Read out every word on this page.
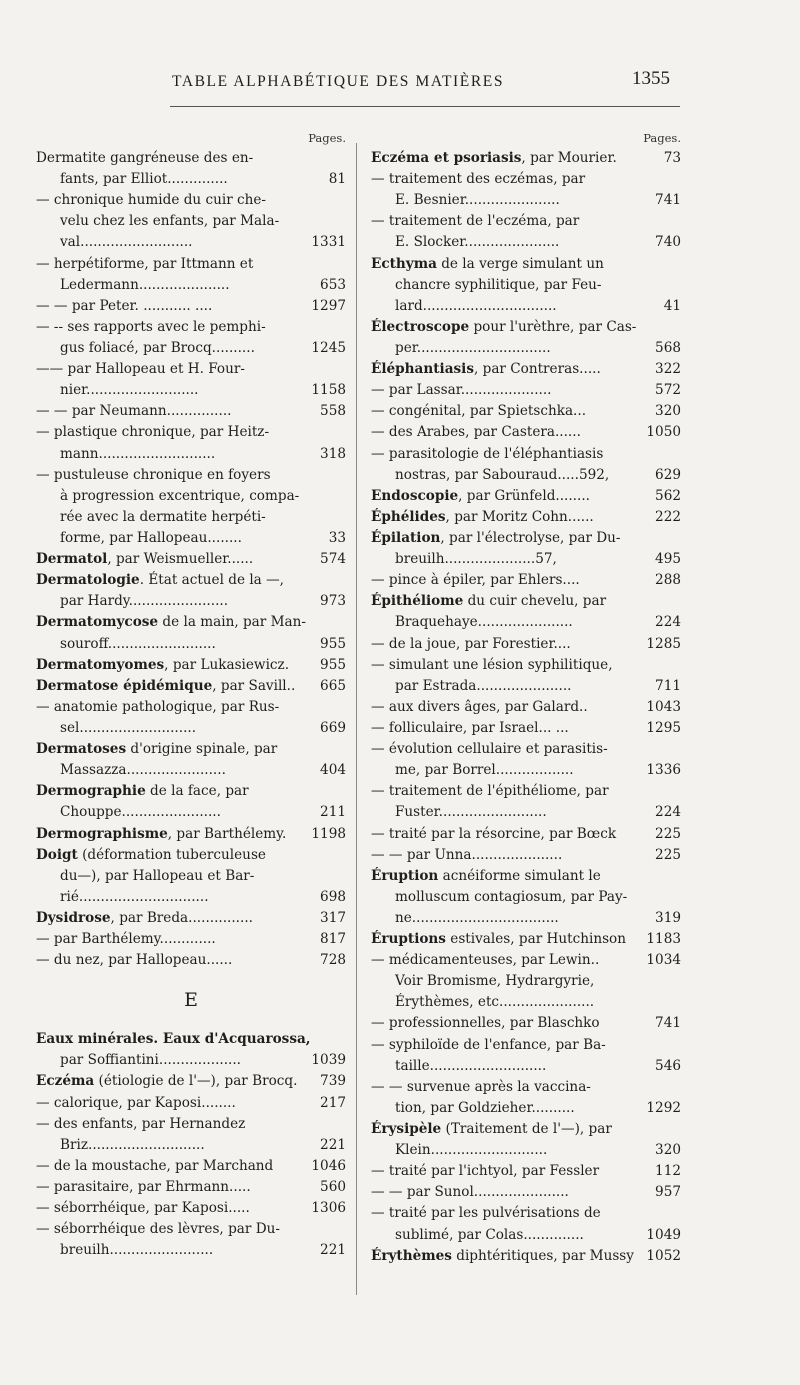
TABLE ALPHABÉTIQUE DES MATIÈRES	1355
Pages.
Dermatite gangréneuse des en-
fants, par Elliot..............	81
— chronique humide du cuir che-
velu chez les enfants, par Mala-
val..........................	1331
— herpétiforme, par Ittmann et
Ledermann.....................	653
— — par Peter. ........... ....	1297
— -- ses rapports avec le pemphi-
gus foliacé, par Brocq..........	1245
—— par Hallopeau et H. Four-
nier..........................	1158
— — par Neumann...............	558
— plastique chronique, par Heitz-
mann...........................	318
— pustuleuse chronique en foyers
à progression excentrique, compa-
rée avec la dermatite herpéti-
forme, par Hallopeau........	33
Dermatol, par Weismueller......	574
Dermatologie. État actuel de la —,
par Hardy.......................	973
Dermatomycose de la main, par Man-
souroff.........................	955
Dermatomyomes, par Lukasiewicz. 955
Dermatose épidémique, par Savill.. 665
— anatomie pathologique, par Rus-
sel...........................	669
Dermatoses d'origine spinale, par
Massazza.......................	404
Dermographie de la face, par
Chouppe.......................	211
Dermographisme, par Barthélemy. 1198
Doigt (déformation tuberculeuse
du—), par Hallopeau et Bar-
rié..............................	698
Dysidrose, par Breda...............	317
— par Barthélemy.............	817
— du nez, par Hallopeau......	728
E
Eaux minérales. Eaux d'Acquarossa,
par Soffiantini...................	1039
Eczéma (étiologie de l'—), par Brocq. 739
— calorique, par Kaposi........	217
— des enfants, par Hernandez
Briz...........................	221
— de la moustache, par Marchand	1046
— parasitaire, par Ehrmann.....	560
— séborrhéique, par Kaposi.....	1306
— séborrhéique des lèvres, par Du-
breuilh........................	221
Pages.
Eczéma et psoriasis, par Mourier.	73
— traitement des eczémas, par
E. Besnier......................	741
— traitement de l'eczéma, par
E. Slocker......................	740
Ecthyma de la verge simulant un
chancre syphilitique, par Feu-
lard...............................	41
Électroscope pour l'urèthre, par Cas-
per...............................	568
Éléphantiasis, par Contreras.....	322
— par Lassar.....................	572
— congénital, par Spietschka...	320
— des Arabes, par Castera......	1050
— parasitologie de l'éléphantiasis
nostras, par Sabouraud.....592,	629
Endoscopie, par Grünfeld........	562
Éphélides, par Moritz Cohn......	222
Épilation, par l'électrolyse, par Du-
breuilh.....................57,	495
— pince à épiler, par Ehlers....	288
Épithéliome du cuir chevelu, par
Braquehaye......................	224
— de la joue, par Forestier....	1285
— simulant une lésion syphilitique,
par Estrada......................	711
— aux divers âges, par Galard..	1043
— folliculaire, par Israel... ...	1295
— évolution cellulaire et parasitis-
me, par Borrel..................	1336
— traitement de l'épithéliome, par
Fuster.........................	224
— traité par la résorcine, par Bœck	225
— — par Unna.....................	225
Éruption acnéiforme simulant le
molluscum contagiosum, par Pay-
ne..................................	319
Éruptions estivales, par Hutchinson 1183
— médicamenteuses, par Lewin..	1034
Voir Bromisme, Hydrargyrie,
Érythèmes, etc......................
— professionnelles, par Blaschko	741
— syphiloïde de l'enfance, par Ba-
taille...........................	546
— — survenue après la vaccina-
tion, par Goldzieher..........	1292
Érysipèle (Traitement de l'—), par
Klein...........................	320
— traité par l'ichtyol, par Fessler	112
— — par Sunol......................	957
— traité par les pulvérisations de
sublimé, par Colas..............	1049
Érythèmes diphtéritiques, par Mussy 1052
